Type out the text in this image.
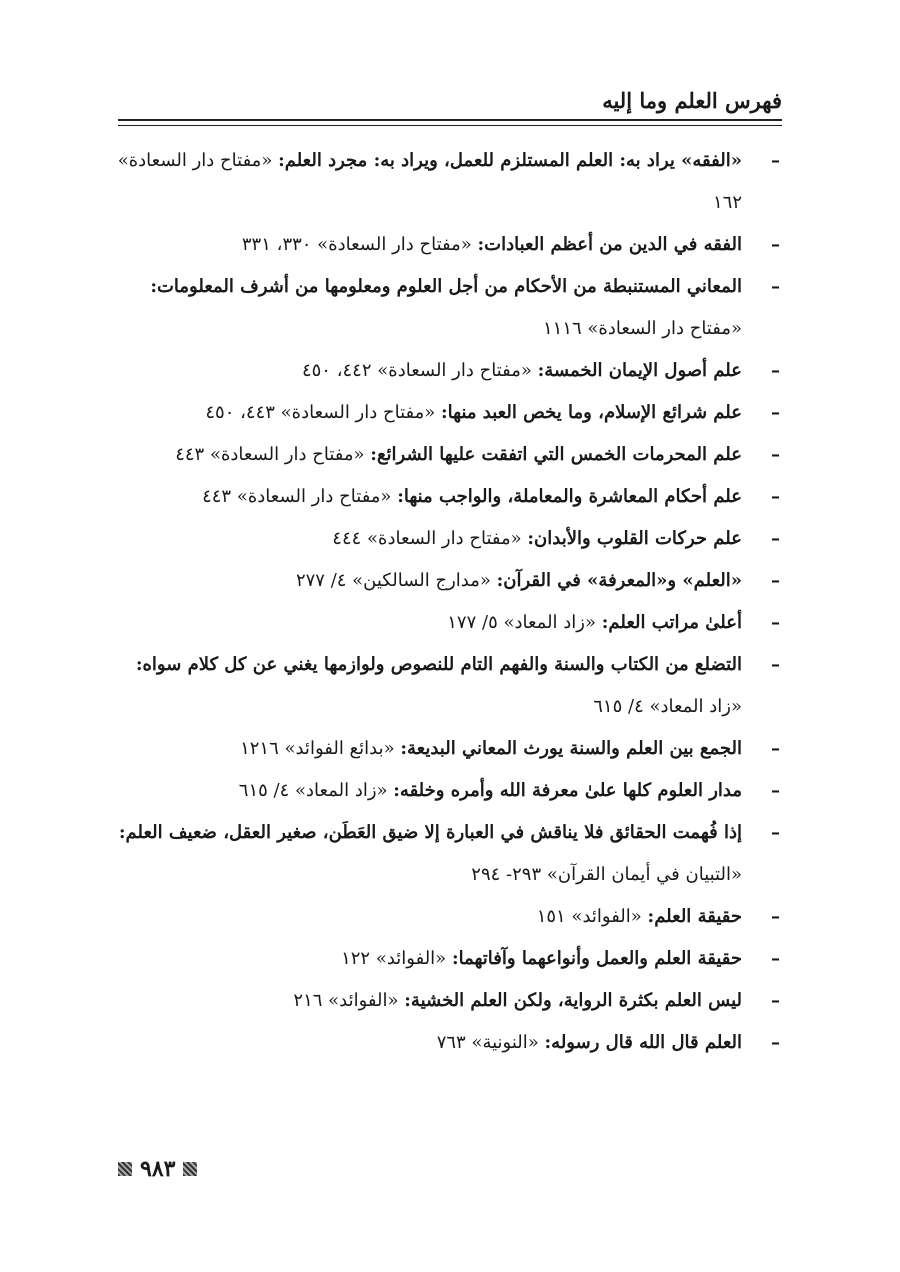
فهرس العلم وما إليه
–
«الفقه» يراد به: العلم المستلزم للعمل، ويراد به: مجرد العلم: «مفتاح دار السعادة» ١٦٢
–
الفقه في الدين من أعظم العبادات: «مفتاح دار السعادة» ٣٣٠، ٣٣١
–
المعاني المستنبطة من الأحكام من أجل العلوم ومعلومها من أشرف المعلومات: «مفتاح دار السعادة» ١١١٦
–
علم أصول الإيمان الخمسة: «مفتاح دار السعادة» ٤٤٢، ٤٥٠
–
علم شرائع الإسلام، وما يخص العبد منها: «مفتاح دار السعادة» ٤٤٣، ٤٥٠
–
علم المحرمات الخمس التي اتفقت عليها الشرائع: «مفتاح دار السعادة» ٤٤٣
–
علم أحكام المعاشرة والمعاملة، والواجب منها: «مفتاح دار السعادة» ٤٤٣
–
علم حركات القلوب والأبدان: «مفتاح دار السعادة» ٤٤٤
–
«العلم» و«المعرفة» في القرآن: «مدارج السالكين» ٤/ ٢٧٧
–
أعلىٰ مراتب العلم: «زاد المعاد» ٥/ ١٧٧
–
التضلع من الكتاب والسنة والفهم التام للنصوص ولوازمها يغني عن كل كلام سواه: «زاد المعاد» ٤/ ٦١٥
–
الجمع بين العلم والسنة يورث المعاني البديعة: «بدائع الفوائد» ١٢١٦
–
مدار العلوم كلها علىٰ معرفة الله وأمره وخلقه: «زاد المعاد» ٤/ ٦١٥
–
إذا فُهمت الحقائق فلا يناقش في العبارة إلا ضيق العَطَن، صغير العقل، ضعيف العلم: «التبيان في أيمان القرآن» ٢٩٣- ٢٩٤
–
حقيقة العلم: «الفوائد» ١٥١
–
حقيقة العلم والعمل وأنواعهما وآفاتهما: «الفوائد» ١٢٢
–
ليس العلم بكثرة الرواية، ولكن العلم الخشية: «الفوائد» ٢١٦
–
العلم قال الله قال رسوله: «النونية» ٧٦٣
٩٨٣
